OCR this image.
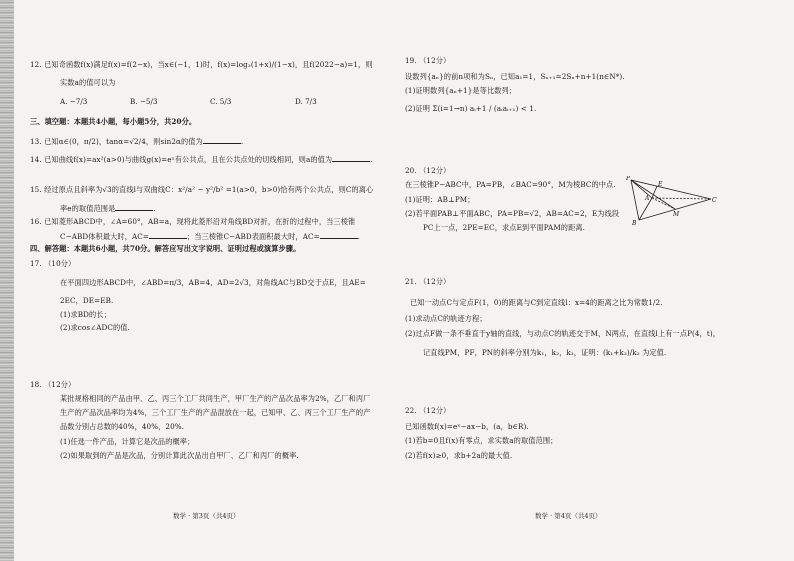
12. 已知奇函数f(x)满足f(x)=f(2−x)，当x∈(−1，1)时，f(x)=log₂(1+x)/(1−x)，且f(2022−a)=1，则
实数a的值可以为
A. −7/3	B. −5/3	C. 5/3	D. 7/3
三、填空题：本题共4小题，每小题5分，共20分。
13. 已知α∈(0，π/2)，tanα=√2/4，则sin2α的值为	.
14. 已知曲线f(x)=ax²(a>0)与曲线g(x)=eˣ有公共点，且在公共点处的切线相同，则a的值为	.
15. 经过原点且斜率为√3的直线l与双曲线C：x²/a² − y²/b² =1(a>0，b>0)恰有两个公共点，则C的离心
率e的取值范围是	.
16. 已知菱形ABCD中，∠A=60°，AB=a，现将此菱形沿对角线BD对折，在折的过程中，当三棱锥
C−ABD体积最大时，AC=	；当三棱锥C−ABD表面积最大时，AC=	.
四、解答题：本题共6小题，共70分。解答应写出文字说明、证明过程或演算步骤。
17. （10分）
在平面四边形ABCD中，∠ABD=π/3，AB=4，AD=2√3，对角线AC与BD交于点E，且AE=
2EC，DE=EB.
(1)求BD的长；
(2)求cos∠ADC的值.
18. （12分）
某批规格相同的产品由甲、乙、丙三个工厂共同生产，甲厂生产的产品次品率为2%，乙厂和丙厂
生产的产品次品率均为4%，三个工厂生产的产品混放在一起，已知甲、乙、丙三个工厂生产的产
品数分别占总数的40%，40%，20%.
(1)任选一件产品，计算它是次品的概率；
(2)如果取到的产品是次品，分别计算此次品出自甲厂、乙厂和丙厂的概率.
数学 · 第3页（共4页）
19. （12分）
设数列{aₙ}的前n项和为Sₙ，已知a₁=1，Sₙ₊₁=2Sₙ+n+1(n∈N*).
(1)证明数列{aₙ+1}是等比数列；
(2)证明 Σ(i=1→n) aᵢ+1 / (aᵢaᵢ₊₁) < 1.
20. （12分）
在三棱锥P−ABC中，PA=PB，∠BAC=90°，M为棱BC的中点.
(1)证明：AB⊥PM；
(2)若平面PAB⊥平面ABC，PA=PB=√2，AB=AC=2，E为线段
PC上一点，2PE=EC，求点E到平面PAM的距离.
P
E
A
M
B
C
21. （12分）
已知一动点C与定点F(1，0)的距离与C到定直线l：x=4的距离之比为常数1/2.
(1)求动点C的轨迹方程；
(2)过点F做一条不垂直于y轴的直线，与动点C的轨迹交于M，N两点，在直线l上有一点P(4，t)，
记直线PM，PF，PN的斜率分别为k₁，k₂，k₃，证明：(k₁+k₃)/k₂ 为定值.
22. （12分）
已知函数f(x)=eˣ−ax−b，(a，b∈R).
(1)若b=0且f(x)有零点，求实数a的取值范围；
(2)若f(x)≥0，求b+2a的最大值.
数学 · 第4页（共4页）
